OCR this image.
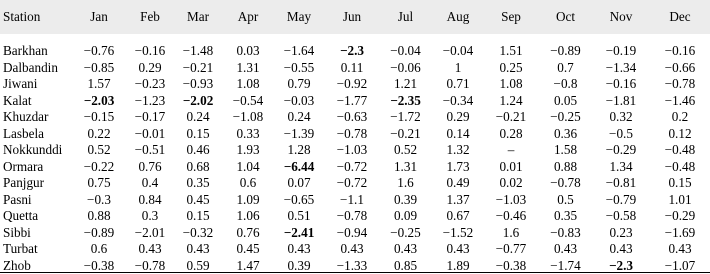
Station	Jan	Feb	Mar	Apr	May	Jun	Jul	Aug	Sep	Oct	Nov	Dec
Barkhan	−0.76	−0.16	−1.48	0.03	−1.64	−2.3	−0.04	−0.04	1.51	−0.89	−0.19	−0.16
Dalbandin	−0.85	0.29	−0.21	1.31	−0.55	0.11	−0.06	1	0.25	0.7	−1.34	−0.66
Jiwani	1.57	−0.23	−0.93	1.08	0.79	−0.92	1.21	0.71	1.08	−0.8	−0.16	−0.78
Kalat	−2.03	−1.23	−2.02	−0.54	−0.03	−1.77	−2.35	−0.34	1.24	0.05	−1.81	−1.46
Khuzdar	−0.15	−0.17	0.24	−1.08	0.24	−0.63	−1.72	0.29	−0.21	−0.25	0.32	0.2
Lasbela	0.22	−0.01	0.15	0.33	−1.39	−0.78	−0.21	0.14	0.28	0.36	−0.5	0.12
Nokkunddi	0.52	−0.51	0.46	1.93	1.28	−1.03	0.52	1.32	–	1.58	−0.29	−0.48
Ormara	−0.22	0.76	0.68	1.04	−6.44	−0.72	1.31	1.73	0.01	0.88	1.34	−0.48
Panjgur	0.75	0.4	0.35	0.6	0.07	−0.72	1.6	0.49	0.02	−0.78	−0.81	0.15
Pasni	−0.3	0.84	0.45	1.09	−0.65	−1.1	0.39	1.37	−1.03	0.5	−0.79	1.01
Quetta	0.88	0.3	0.15	1.06	0.51	−0.78	0.09	0.67	−0.46	0.35	−0.58	−0.29
Sibbi	−0.89	−2.01	−0.32	0.76	−2.41	−0.94	−0.25	−1.52	1.6	−0.83	0.23	−1.69
Turbat	0.6	0.43	0.43	0.45	0.43	0.43	0.43	0.43	−0.77	0.43	0.43	0.43
Zhob	−0.38	−0.78	0.59	1.47	0.39	−1.33	0.85	1.89	−0.38	−1.74	−2.3	−1.07
